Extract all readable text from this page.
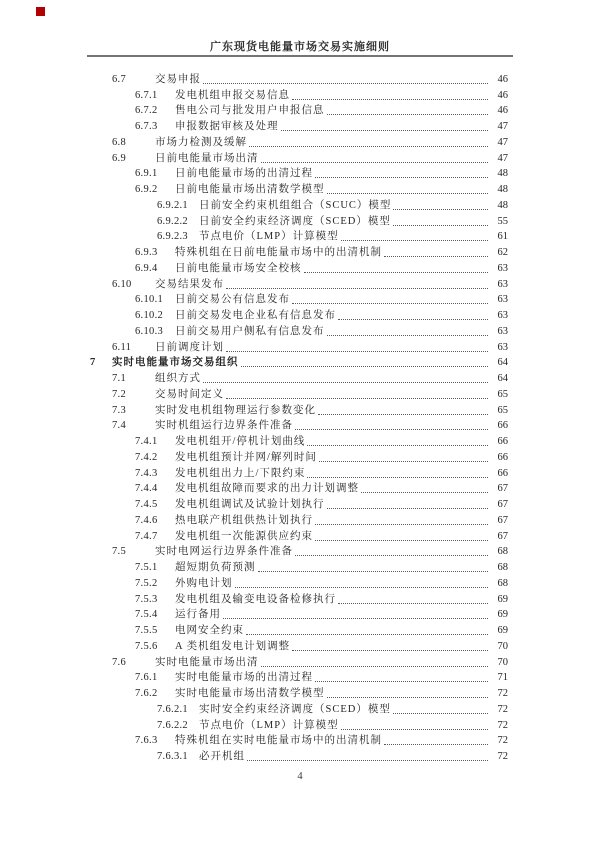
广东现货电能量市场交易实施细则
6.7	交易申报	46
6.7.1	发电机组申报交易信息	46
6.7.2	售电公司与批发用户申报信息	46
6.7.3	申报数据审核及处理	47
6.8	市场力检测及缓解	47
6.9	日前电能量市场出清	47
6.9.1	日前电能量市场的出清过程	48
6.9.2	日前电能量市场出清数学模型	48
6.9.2.1	日前安全约束机组组合（SCUC）模型	48
6.9.2.2	日前安全约束经济调度（SCED）模型	55
6.9.2.3	节点电价（LMP）计算模型	61
6.9.3	特殊机组在日前电能量市场中的出清机制	62
6.9.4	日前电能量市场安全校核	63
6.10	交易结果发布	63
6.10.1	日前交易公有信息发布	63
6.10.2	日前交易发电企业私有信息发布	63
6.10.3	日前交易用户侧私有信息发布	63
6.11	日前调度计划	63
7	实时电能量市场交易组织	64
7.1	组织方式	64
7.2	交易时间定义	65
7.3	实时发电机组物理运行参数变化	65
7.4	实时机组运行边界条件准备	66
7.4.1	发电机组开/停机计划曲线	66
7.4.2	发电机组预计并网/解列时间	66
7.4.3	发电机组出力上/下限约束	66
7.4.4	发电机组故障而要求的出力计划调整	67
7.4.5	发电机组调试及试验计划执行	67
7.4.6	热电联产机组供热计划执行	67
7.4.7	发电机组一次能源供应约束	67
7.5	实时电网运行边界条件准备	68
7.5.1	超短期负荷预测	68
7.5.2	外购电计划	68
7.5.3	发电机组及输变电设备检修执行	69
7.5.4	运行备用	69
7.5.5	电网安全约束	69
7.5.6	A 类机组发电计划调整	70
7.6	实时电能量市场出清	70
7.6.1	实时电能量市场的出清过程	71
7.6.2	实时电能量市场出清数学模型	72
7.6.2.1	实时安全约束经济调度（SCED）模型	72
7.6.2.2	节点电价（LMP）计算模型	72
7.6.3	特殊机组在实时电能量市场中的出清机制	72
7.6.3.1	必开机组	72
4
